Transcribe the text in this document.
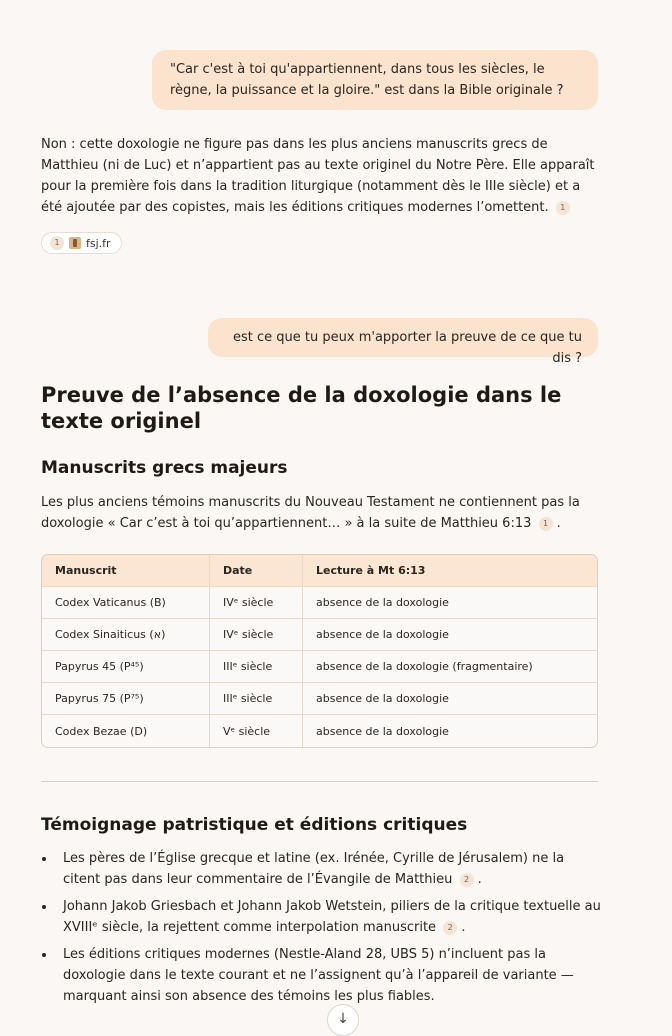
"Car c'est à toi qu'appartiennent, dans tous les siècles, le règne, la puissance et la gloire." est dans la Bible originale ?
Non : cette doxologie ne figure pas dans les plus anciens manuscrits grecs de Matthieu (ni de Luc) et n’appartient pas au texte originel du Notre Père. Elle apparaît pour la première fois dans la tradition liturgique (notamment dès le IIIe siècle) et a été ajoutée par des copistes, mais les éditions critiques modernes l’omettent. 1
1	fsj.fr
est ce que tu peux m'apporter la preuve de ce que tu dis ?
Preuve de l’absence de la doxologie dans le texte originel
Manuscrits grecs majeurs
Les plus anciens témoins manuscrits du Nouveau Testament ne contiennent pas la doxologie « Car c’est à toi qu’appartiennent… » à la suite de Matthieu 6:13 1 .
Manuscrit	Date	Lecture à Mt 6:13
Codex Vaticanus (B)	IVᵉ siècle	absence de la doxologie
Codex Sinaiticus (א)	IVᵉ siècle	absence de la doxologie
Papyrus 45 (P⁴⁵)	IIIᵉ siècle	absence de la doxologie (fragmentaire)
Papyrus 75 (P⁷⁵)	IIIᵉ siècle	absence de la doxologie
Codex Bezae (D)	Vᵉ siècle	absence de la doxologie
Témoignage patristique et éditions critiques
Les pères de l’Église grecque et latine (ex. Irénée, Cyrille de Jérusalem) ne la citent pas dans leur commentaire de l’Évangile de Matthieu 2 .
Johann Jakob Griesbach et Johann Jakob Wetstein, piliers de la critique textuelle au XVIIIᵉ siècle, la rejettent comme interpolation manuscrite 2 .
Les éditions critiques modernes (Nestle-Aland 28, UBS 5) n’incluent pas la doxologie dans le texte courant et ne l’assignent qu’à l’appareil de variante — marquant ainsi son absence des témoins les plus fiables.
↓
